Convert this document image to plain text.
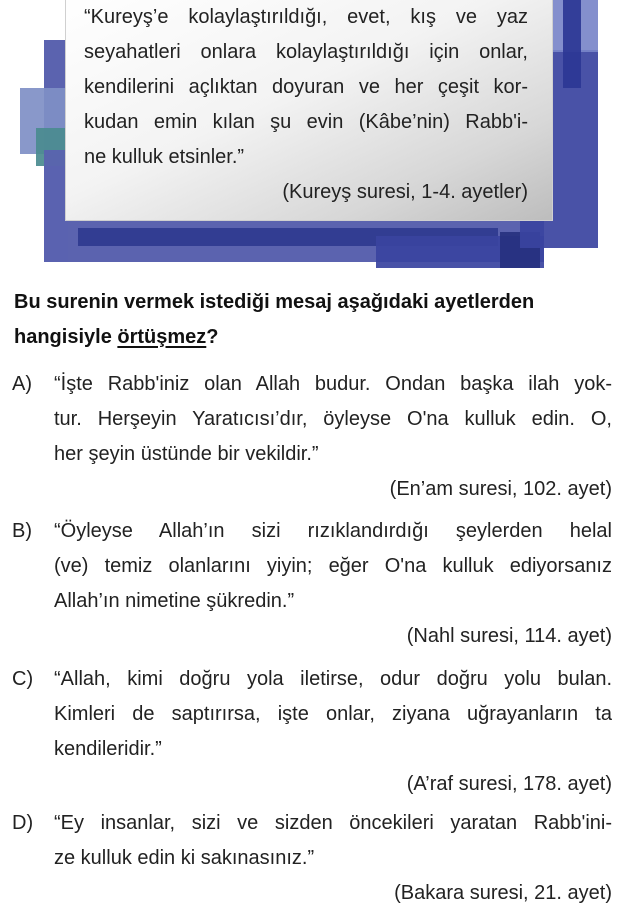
“Kureyş’e kolaylaştırıldığı, evet, kış ve yaz
seyahatleri onlara kolaylaştırıldığı için onlar,
kendilerini açlıktan doyuran ve her çeşit kor-
kudan emin kılan şu evin (Kâbe’nin) Rabb'i-
ne kulluk etsinler.”
(Kureyş suresi, 1-4. ayetler)
Bu surenin vermek istediği mesaj aşağıdaki ayetlerden
hangisiyle örtüşmez?
A) “İşte Rabb'iniz olan Allah budur. Ondan başka ilah yok-
tur. Herşeyin Yaratıcısı’dır, öyleyse O'na kulluk edin. O,
her şeyin üstünde bir vekildir.”
(En’am suresi, 102. ayet)
B) “Öyleyse Allah’ın sizi rızıklandırdığı şeylerden helal
(ve) temiz olanlarını yiyin; eğer O'na kulluk ediyorsanız
Allah’ın nimetine şükredin.”
(Nahl suresi, 114. ayet)
C) “Allah, kimi doğru yola iletirse, odur doğru yolu bulan.
Kimleri de saptırırsa, işte onlar, ziyana uğrayanların ta
kendileridir.”
(A’raf suresi, 178. ayet)
D) “Ey insanlar, sizi ve sizden öncekileri yaratan Rabb'ini-
ze kulluk edin ki sakınasınız.”
(Bakara suresi, 21. ayet)
